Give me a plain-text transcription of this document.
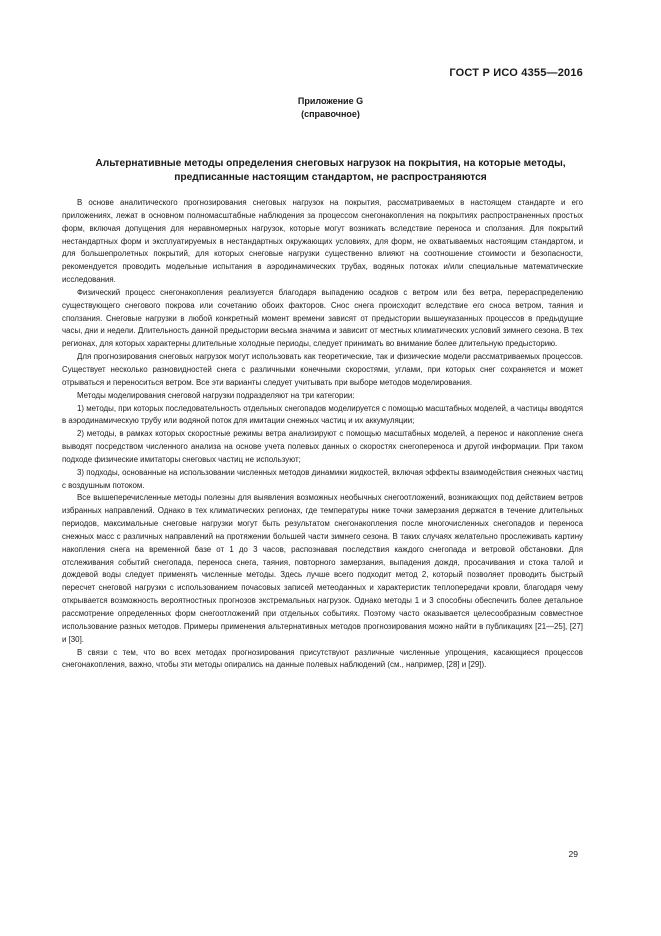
ГОСТ Р ИСО 4355—2016
Приложение G
(справочное)
Альтернативные методы определения снеговых нагрузок на покрытия, на которые методы, предписанные настоящим стандартом, не распространяются

В основе аналитического прогнозирования снеговых нагрузок на покрытия, рассматриваемых в настоящем стандарте и его приложениях, лежат в основном полномасштабные наблюдения за процессом снегонакопления на покрытиях распространенных простых форм, включая допущения для неравномерных нагрузок, которые могут возникать вследствие переноса и сползания. Для покрытий нестандартных форм и эксплуатируемых в нестандартных окружающих условиях, для форм, не охватываемых настоящим стандартом, и для большепролетных покрытий, для которых снеговые нагрузки существенно влияют на соотношение стоимости и безопасности, рекомендуется проводить модельные испытания в аэродинамических трубах, водяных потоках и/или специальные математические исследования.

Физический процесс снегонакопления реализуется благодаря выпадению осадков с ветром или без ветра, перераспределению существующего снегового покрова или сочетанию обоих факторов. Снос снега происходит вследствие его сноса ветром, таяния и сползания. Снеговые нагрузки в любой конкретный момент времени зависят от предыстории вышеуказанных процессов в предыдущие часы, дни и недели. Длительность данной предыстории весьма значима и зависит от местных климатических условий зимнего сезона. В тех регионах, для которых характерны длительные холодные периоды, следует принимать во внимание более длительную предысторию.

Для прогнозирования снеговых нагрузок могут использовать как теоретические, так и физические модели рассматриваемых процессов. Существует несколько разновидностей снега с различными конечными скоростями, углами, при которых снег сохраняется и может отрываться и переноситься ветром. Все эти варианты следует учитывать при выборе методов моделирования.

Методы моделирования снеговой нагрузки подразделяют на три категории:

1) методы, при которых последовательность отдельных снегопадов моделируется с помощью масштабных моделей, а частицы вводятся в аэродинамическую трубу или водяной поток для имитации снежных частиц и их аккумуляции;

2) методы, в рамках которых скоростные режимы ветра анализируют с помощью масштабных моделей, а перенос и накопление снега выводят посредством численного анализа на основе учета полевых данных о скоростях снегопереноса и другой информации. При таком подходе физические имитаторы снеговых частиц не используют;

3) подходы, основанные на использовании численных методов динамики жидкостей, включая эффекты взаимодействия снежных частиц с воздушным потоком.

Все вышеперечисленные методы полезны для выявления возможных необычных снегоотложений, возникающих под действием ветров избранных направлений. Однако в тех климатических регионах, где температуры ниже точки замерзания держатся в течение длительных периодов, максимальные снеговые нагрузки могут быть результатом снегонакопления после многочисленных снегопадов и переноса снежных масс с различных направлений на протяжении большей части зимнего сезона. В таких случаях желательно прослеживать картину накопления снега на временной базе от 1 до 3 часов, распознавая последствия каждого снегопада и ветровой обстановки. Для отслеживания событий снегопада, переноса снега, таяния, повторного замерзания, выпадения дождя, просачивания и стока талой и дождевой воды следует применять численные методы. Здесь лучше всего подходит метод 2, который позволяет проводить быстрый пересчет снеговой нагрузки с использованием почасовых записей метеоданных и характеристик теплопередачи кровли, благодаря чему открывается возможность вероятностных прогнозов экстремальных нагрузок. Однако методы 1 и 3 способны обеспечить более детальное рассмотрение определенных форм снегоотложений при отдельных событиях. Поэтому часто оказывается целесообразным совместное использование разных методов. Примеры применения альтернативных методов прогнозирования можно найти в публикациях [21—25], [27] и [30].

В связи с тем, что во всех методах прогнозирования присутствуют различные численные упрощения, касающиеся процессов снегонакопления, важно, чтобы эти методы опирались на данные полевых наблюдений (см., например, [28] и [29]).

29
